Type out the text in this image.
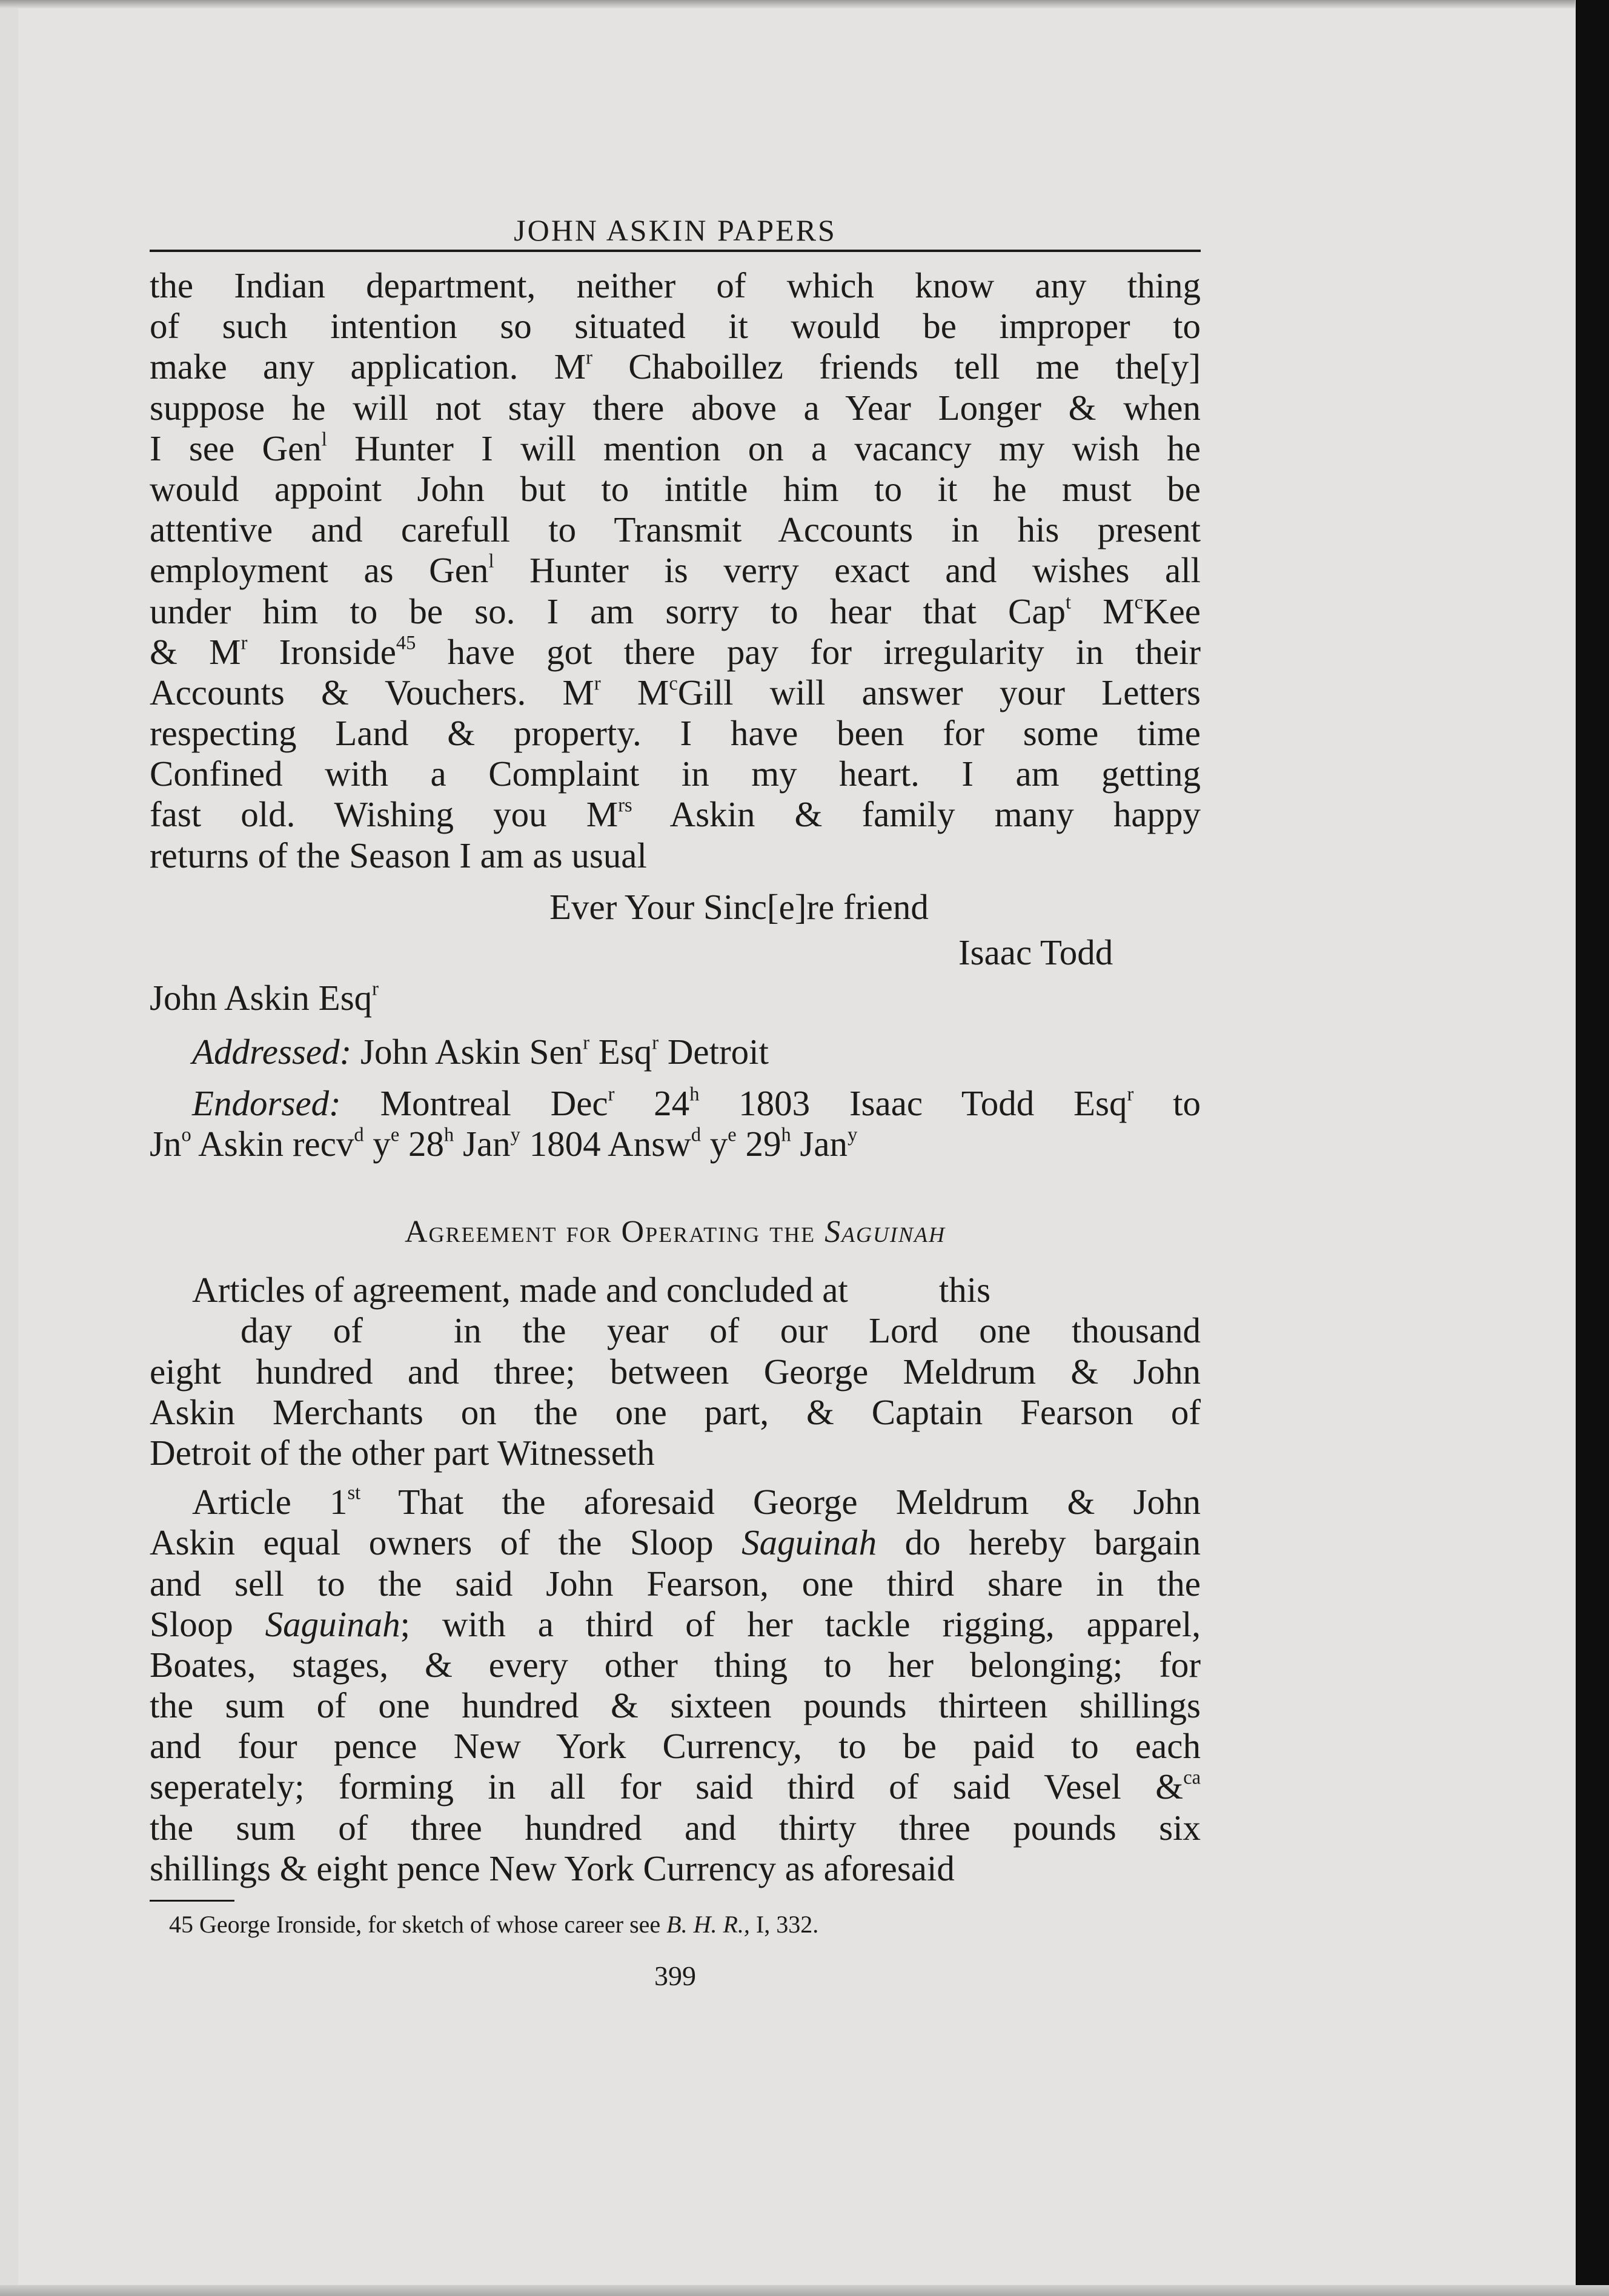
JOHN ASKIN PAPERS
the Indian department, neither of which know any thing
of such intention so situated it would be improper to
make any application. $M^r$ Chaboillez friends tell me the[y]
suppose he will not stay there above a Year Longer & when
I see Gen$^l$ Hunter I will mention on a vacancy my wish he
would appoint John but to intitle him to it he must be
attentive and carefull to Transmit Accounts in his present
employment as Gen$^l$ Hunter is verry exact and wishes all
under him to be so. I am sorry to hear that Cap$^t$ $M^cKee$
& $M^r$ Ironside$^{45}$ have got there pay for irregularity in their
Accounts & Vouchers. $M^r$ $M^cGill$ will answer your Letters
respecting Land & property. I have been for some time
Confined with a Complaint in my heart. I am getting
fast old. Wishing you $M^{rs}$ Askin & family many happy
returns of the Season I am as usual
Ever Your Sinc[e]re friend
Isaac Todd
John Askin Esq$^r$
Addressed: John Askin Sen$^r$ Esq$^r$ Detroit
Endorsed: Montreal Dec$^r$ 24$^h$ 1803 Isaac Todd Esq$^r$ to
Jn$^o$ Askin recv$^d$ $y^e$ 28$^h$ Jan$^y$ 1804 Answ$^d$ $y^e$ 29$^h$ Jan$^y$
Agreement for Operating the Saguinah
Articles of agreement, made and concluded at	this
day of	in the year of our Lord one thousand
eight hundred and three; between George Meldrum & John
Askin Merchants on the one part, & Captain Fearson of
Detroit of the other part Witnesseth
Article 1st That the aforesaid George Meldrum & John
Askin equal owners of the Sloop Saguinah do hereby bargain
and sell to the said John Fearson, one third share in the
Sloop Saguinah; with a third of her tackle rigging, apparel,
Boates, stages, & every other thing to her belonging; for
the sum of one hundred & sixteen pounds thirteen shillings
and four pence New York Currency, to be paid to each
seperately; forming in all for said third of said Vesel &$^{ca}$
the sum of three hundred and thirty three pounds six
shillings & eight pence New York Currency as aforesaid
45 George Ironside, for sketch of whose career see B. H. R., I, 332.
399
